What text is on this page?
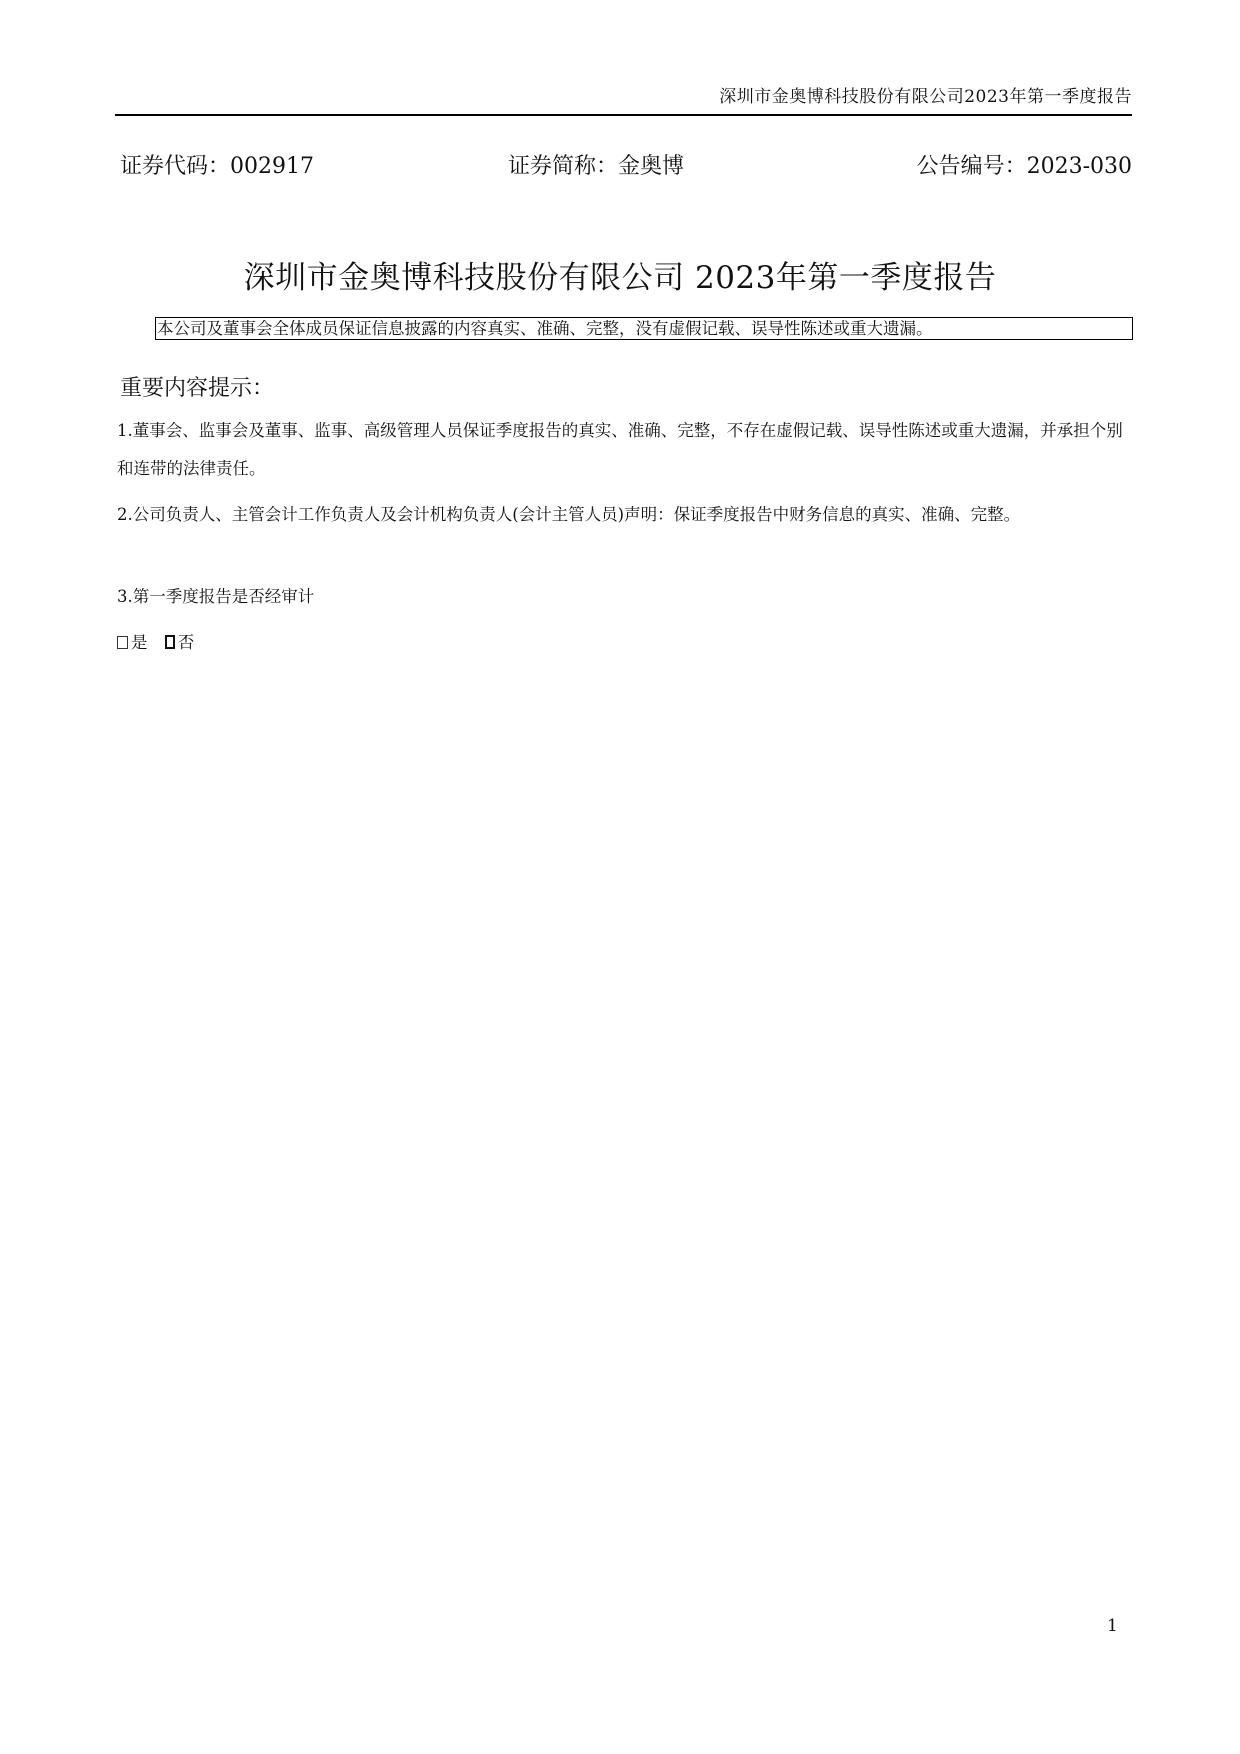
深圳市金奥博科技股份有限公司2023年第一季度报告
证券代码：002917	证券简称：金奥博	公告编号：2023-030
深圳市金奥博科技股份有限公司 2023年第一季度报告
本公司及董事会全体成员保证信息披露的内容真实、准确、完整，没有虚假记载、误导性陈述或重大遗漏。
重要内容提示：
1.董事会、监事会及董事、监事、高级管理人员保证季度报告的真实、准确、完整，不存在虚假记载、误导性陈述或重大遗漏，并承担个别和连带的法律责任。
2.公司负责人、主管会计工作负责人及会计机构负责人(会计主管人员)声明：保证季度报告中财务信息的真实、准确、完整。
3.第一季度报告是否经审计
是 否
1
